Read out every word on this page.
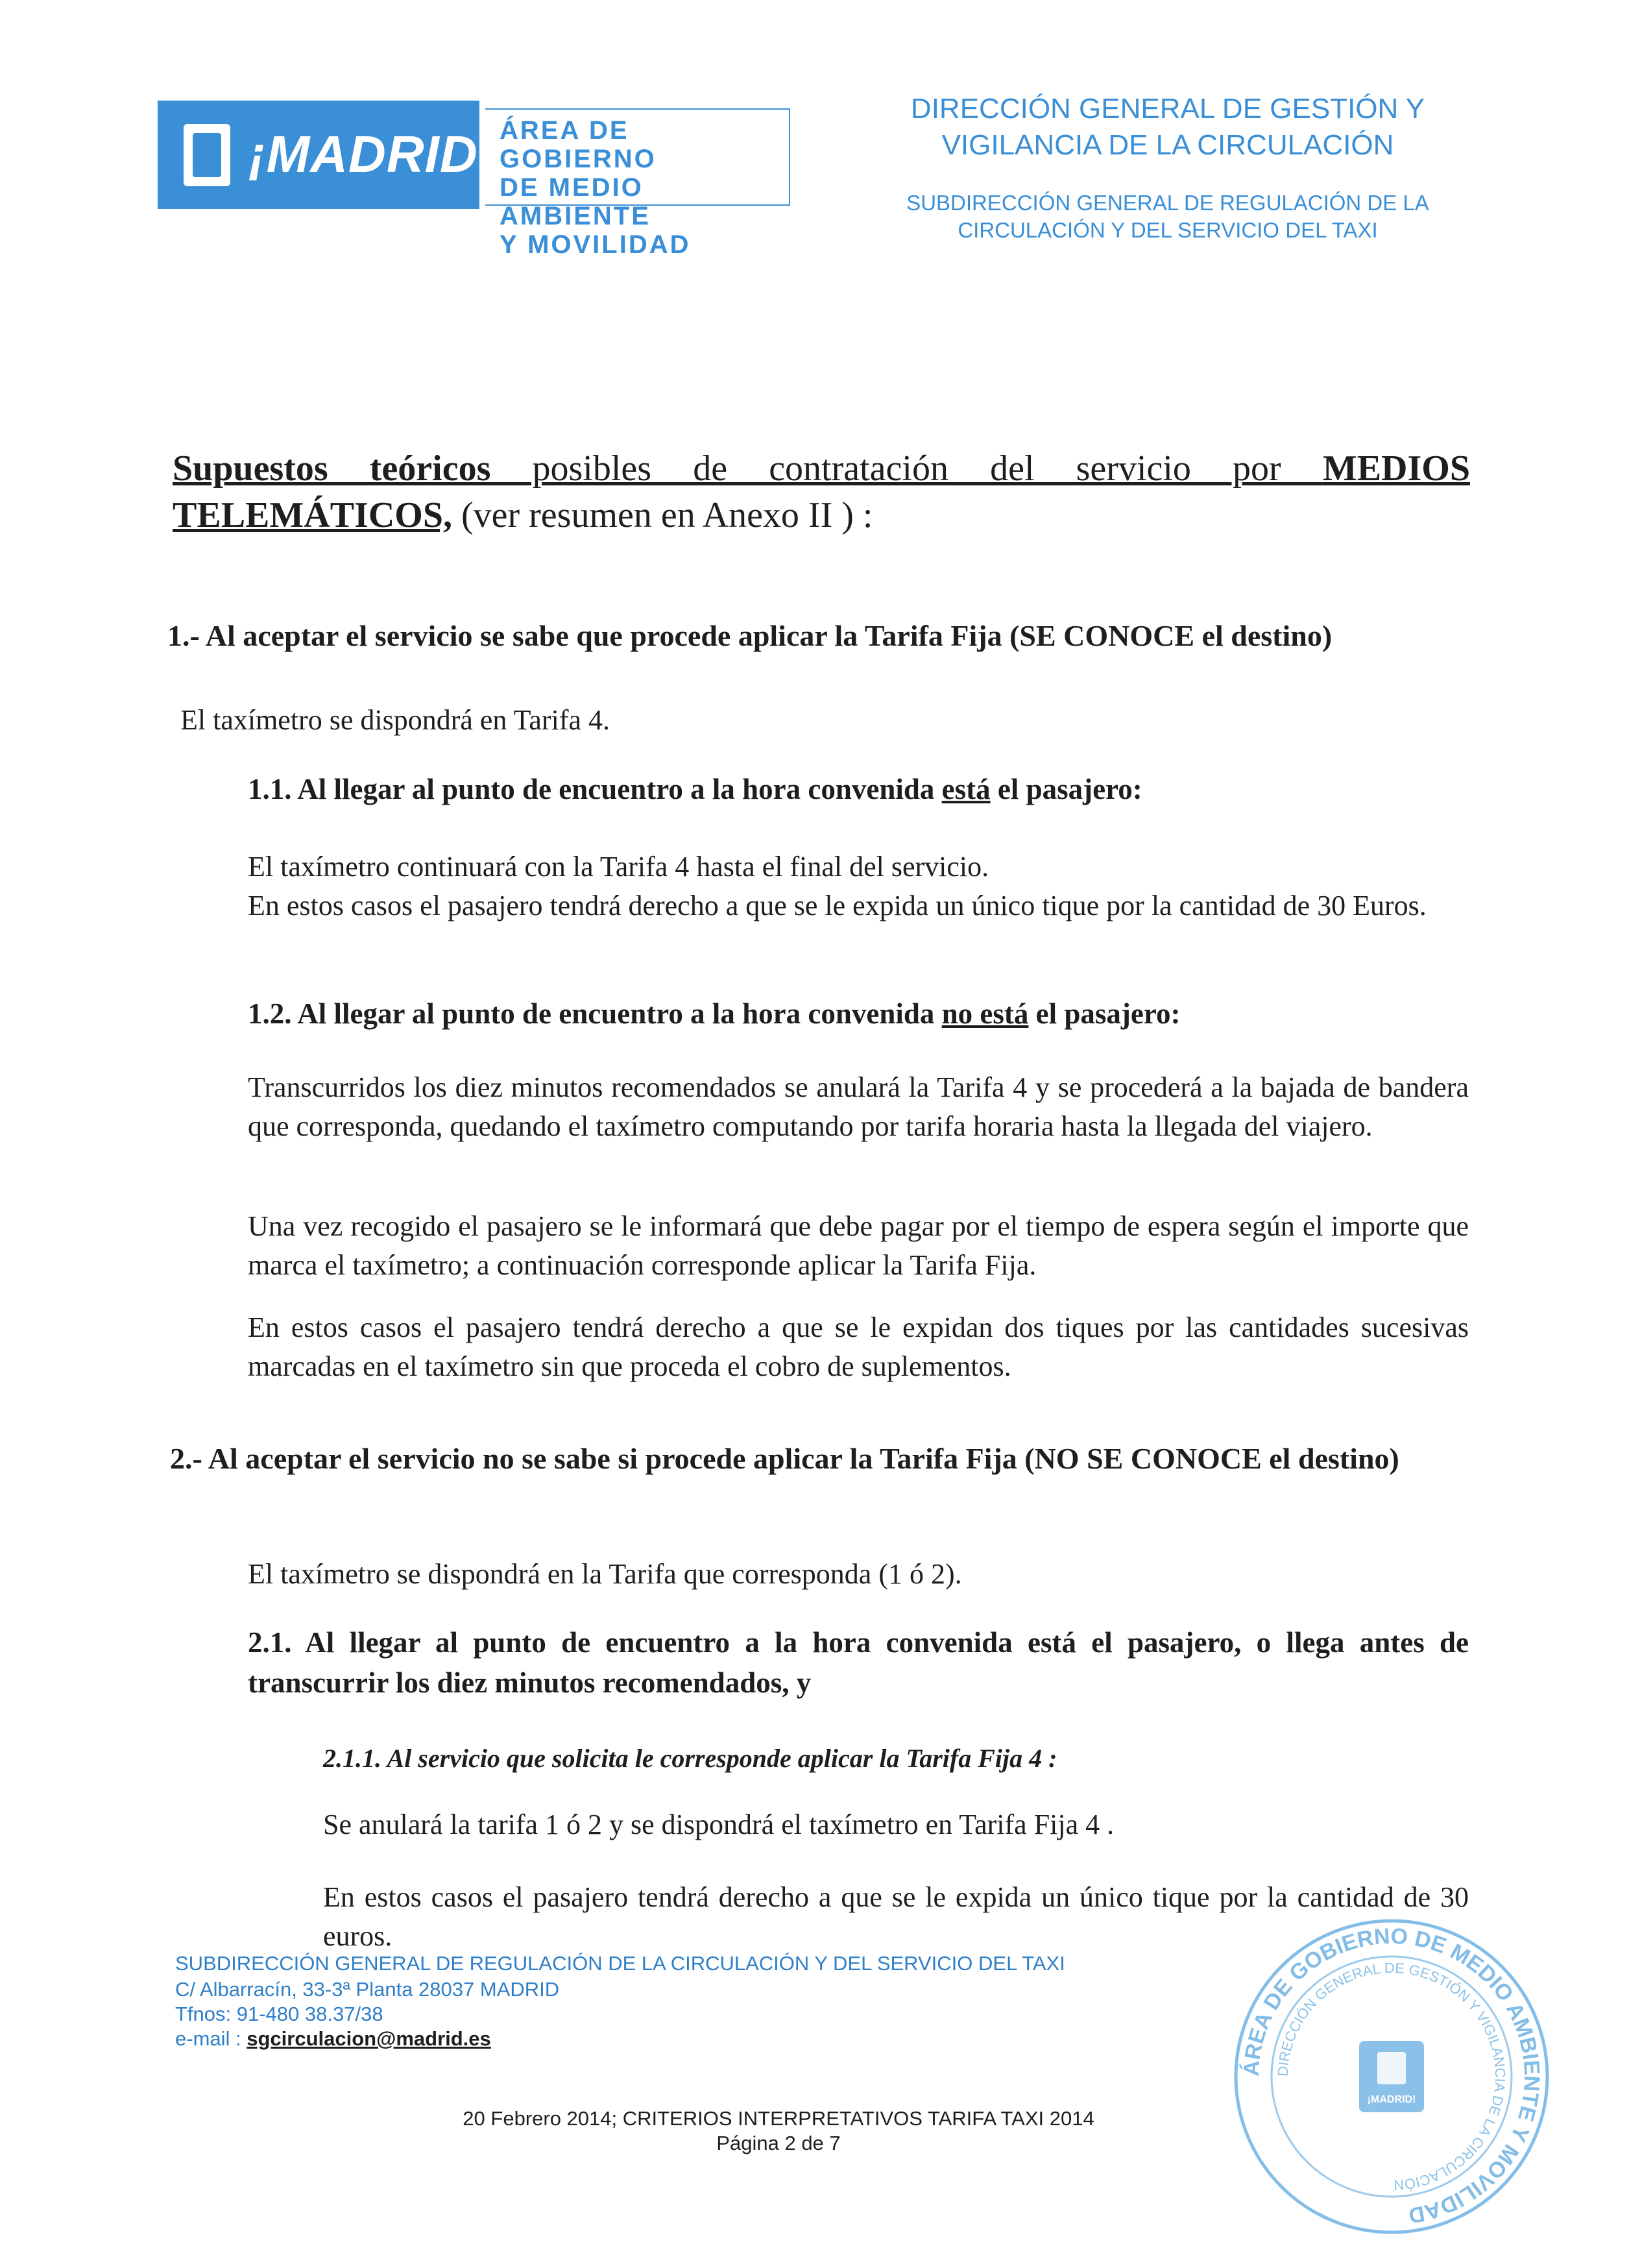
¡MADRID! ÁREA DE GOBIERNO
DE MEDIO AMBIENTE
Y MOVILIDAD
DIRECCIÓN GENERAL DE GESTIÓN Y
VIGILANCIA DE LA CIRCULACIÓN
SUBDIRECCIÓN GENERAL DE REGULACIÓN DE LA
CIRCULACIÓN Y DEL SERVICIO DEL TAXI
Supuestos teóricos posibles de contratación del servicio por MEDIOS TELEMÁTICOS, (ver resumen en Anexo II ) :
1.- Al aceptar el servicio se sabe que procede aplicar la Tarifa Fija (SE CONOCE el destino)
El taxímetro se dispondrá en Tarifa 4.
1.1. Al llegar al punto de encuentro a la hora convenida está el pasajero:
El taxímetro continuará con la Tarifa 4 hasta el final del servicio.
En estos casos el pasajero tendrá derecho a que se le expida un único tique por la cantidad de 30 Euros.
1.2. Al llegar al punto de encuentro a la hora convenida no está el pasajero:
Transcurridos los diez minutos recomendados se anulará la Tarifa 4 y se procederá a la bajada de bandera que corresponda, quedando el taxímetro computando por tarifa horaria hasta la llegada del viajero.
Una vez recogido el pasajero se le informará que debe pagar por el tiempo de espera según el importe que marca el taxímetro; a continuación corresponde aplicar la Tarifa Fija.
En estos casos el pasajero tendrá derecho a que se le expidan dos tiques por las cantidades sucesivas marcadas en el taxímetro sin que proceda el cobro de suplementos.
2.- Al aceptar el servicio no se sabe si procede aplicar la Tarifa Fija (NO SE CONOCE el destino)
El taxímetro se dispondrá en la Tarifa que corresponda (1 ó 2).
2.1. Al llegar al punto de encuentro a la hora convenida está el pasajero, o llega antes de transcurrir los diez minutos recomendados, y
2.1.1. Al servicio que solicita le corresponde aplicar la Tarifa Fija 4 :
Se anulará la tarifa 1 ó 2 y se dispondrá el taxímetro en Tarifa Fija 4 .
En estos casos el pasajero tendrá derecho a que se le expida un único tique por la cantidad de 30 euros.
SUBDIRECCIÓN GENERAL DE REGULACIÓN DE LA CIRCULACIÓN Y DEL SERVICIO DEL TAXI
C/ Albarracín, 33-3ª Planta 28037 MADRID
Tfnos: 91-480 38.37/38
e-mail : sgcirculacion@madrid.es
20 Febrero 2014; CRITERIOS INTERPRETATIVOS TARIFA TAXI 2014
Página 2 de 7
ÁREA DE GOBIERNO DE MEDIO AMBIENTE Y MOVILIDAD
DIRECCIÓN GENERAL DE GESTIÓN Y VIGILANCIA DE LA CIRCULACIÓN
¡MADRID!
